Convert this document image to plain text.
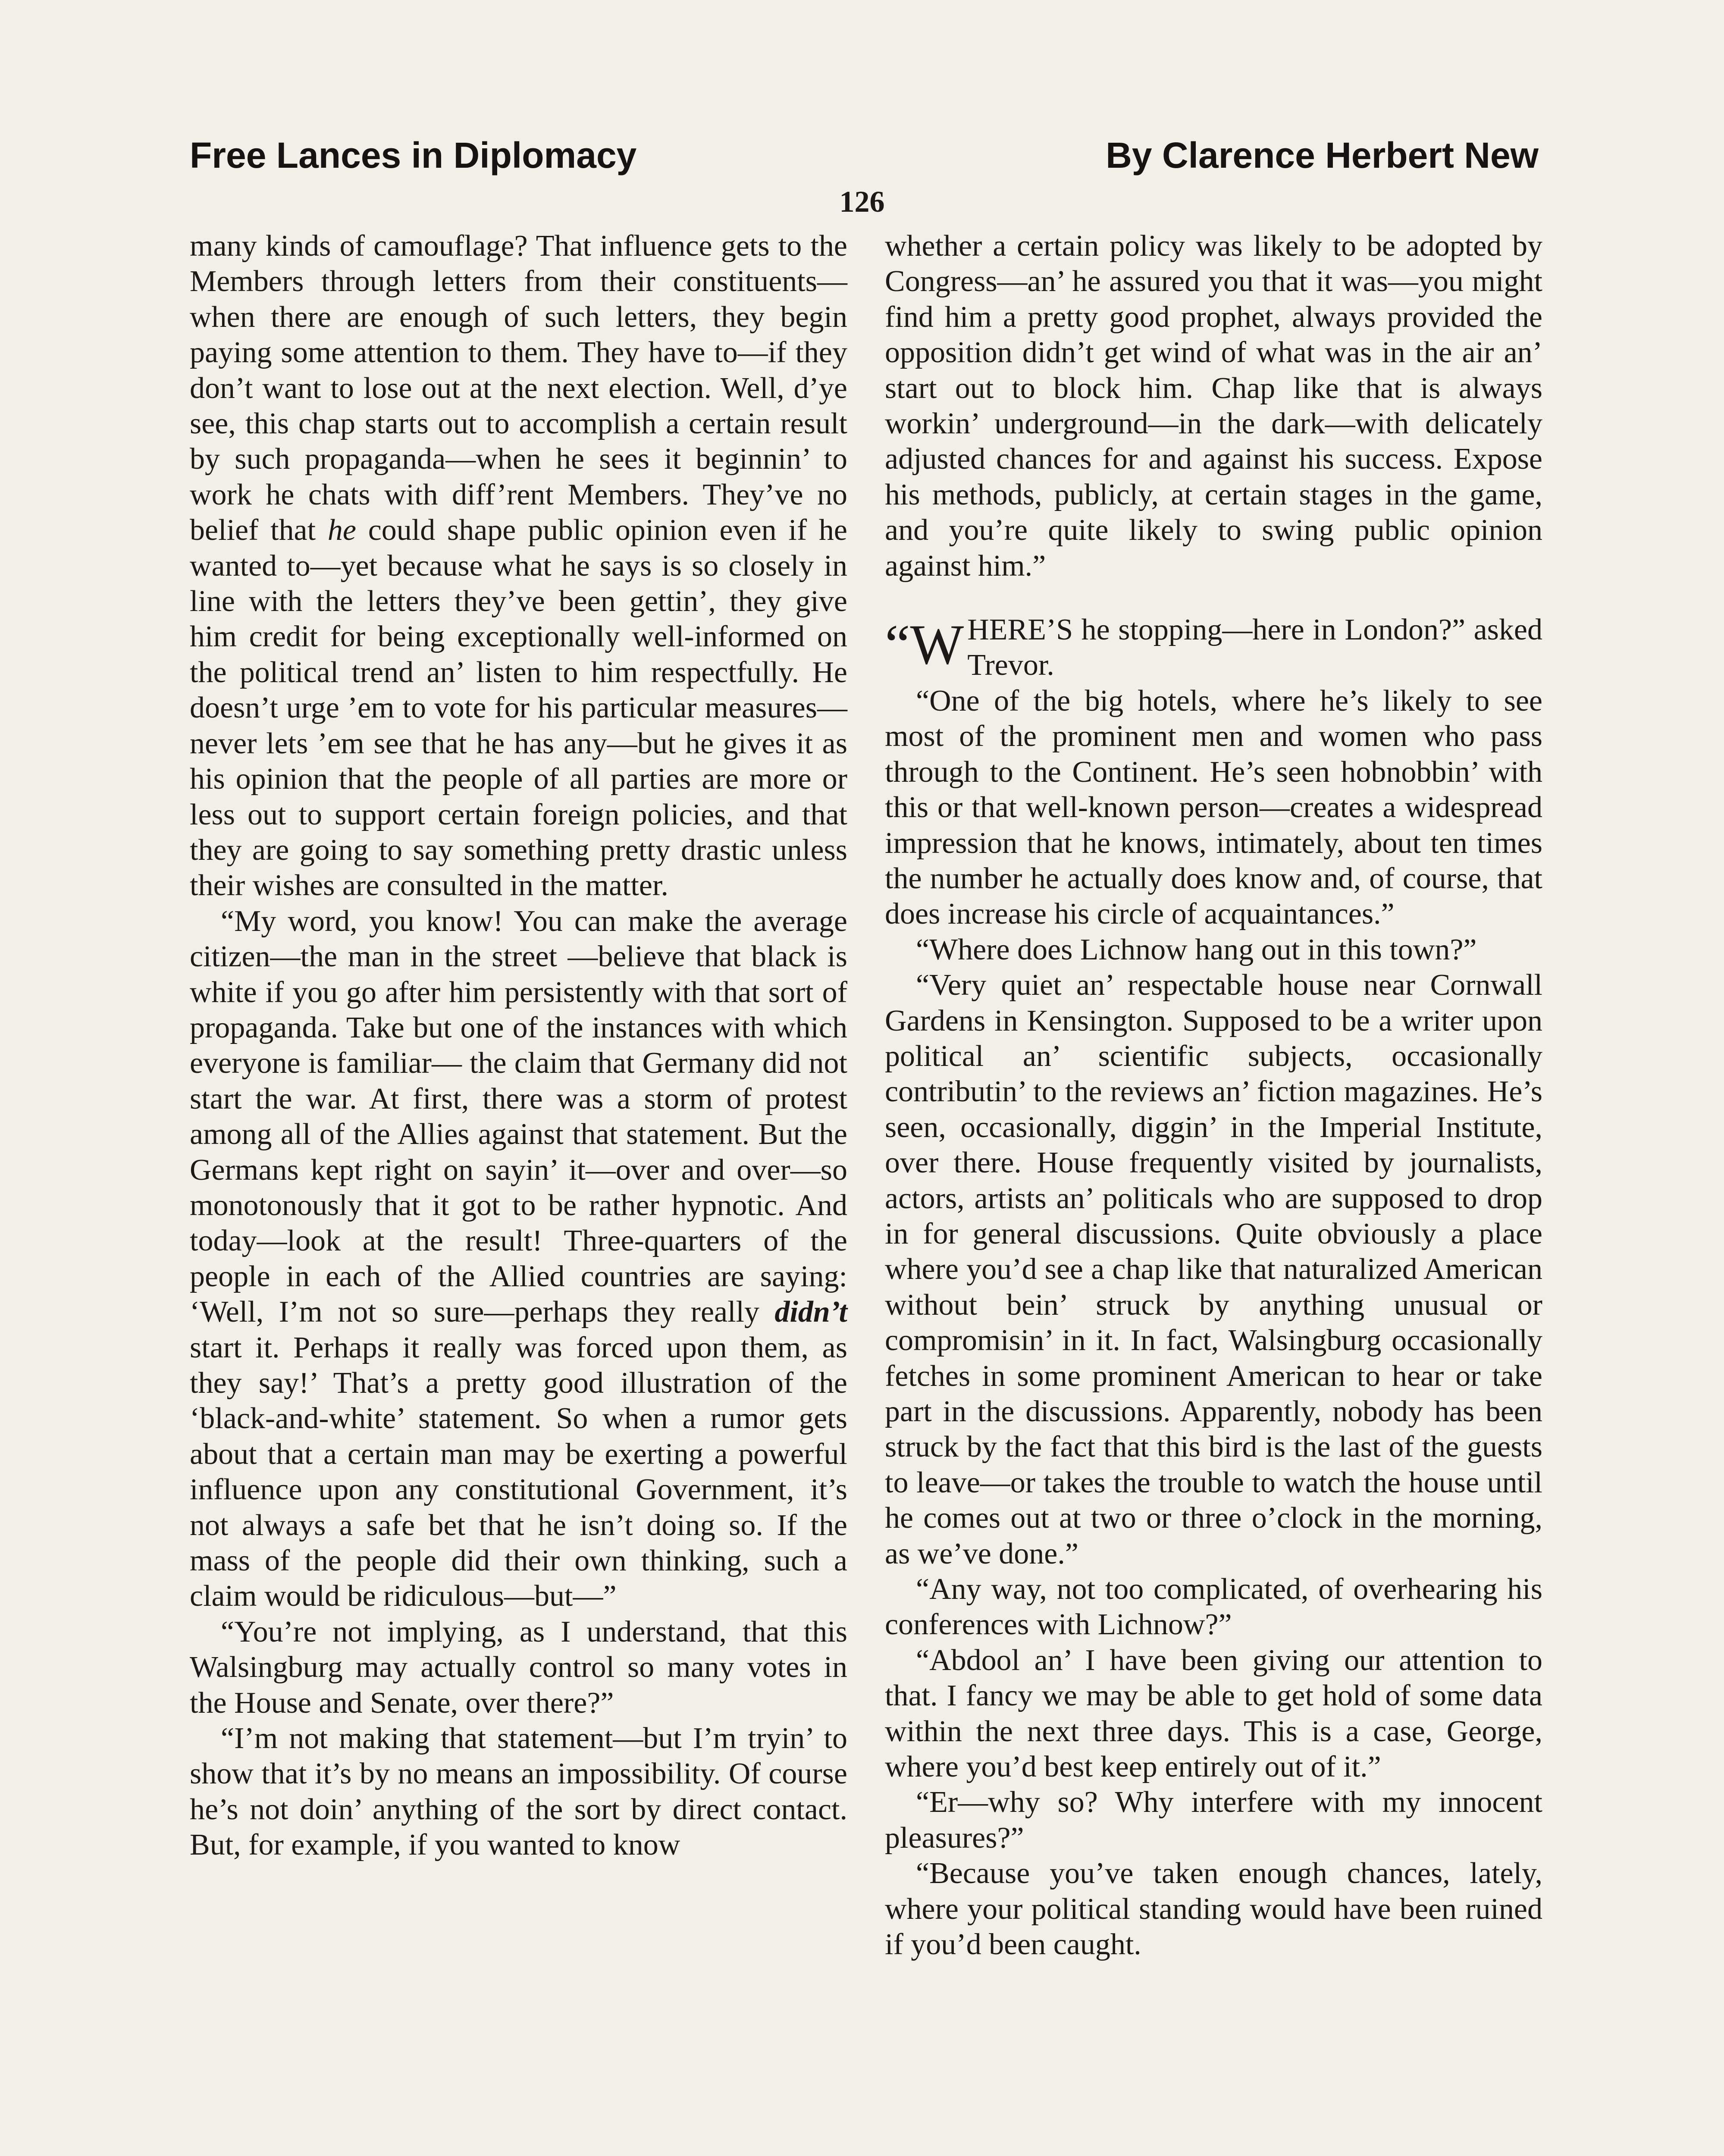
Free Lances in Diplomacy	By Clarence Herbert New
126

many kinds of camouflage? That influence gets to the Members through letters from their constituents—when there are enough of such letters, they begin paying some attention to them. They have to—if they don’t want to lose out at the next election. Well, d’ye see, this chap starts out to accomplish a certain result by such propaganda—when he sees it beginnin’ to work he chats with diff’rent Members. They’ve no belief that he could shape public opinion even if he wanted to—yet because what he says is so closely in line with the letters they’ve been gettin’, they give him credit for being exceptionally well-informed on the political trend an’ listen to him respectfully. He doesn’t urge ’em to vote for his particular measures—never lets ’em see that he has any—but he gives it as his opinion that the people of all parties are more or less out to support certain foreign policies, and that they are going to say something pretty drastic unless their wishes are consulted in the matter.

“My word, you know! You can make the average citizen—the man in the street —believe that black is white if you go after him persistently with that sort of propaganda. Take but one of the instances with which everyone is familiar— the claim that Germany did not start the war. At first, there was a storm of protest among all of the Allies against that statement. But the Germans kept right on sayin’ it—over and over—so monotonously that it got to be rather hypnotic. And today—look at the result! Three-quarters of the people in each of the Allied countries are saying: ‘Well, I’m not so sure—perhaps they really didn’t start it. Perhaps it really was forced upon them, as they say!’ That’s a pretty good illustration of the ‘black-and-white’ statement. So when a rumor gets about that a certain man may be exerting a powerful influence upon any constitutional Government, it’s not always a safe bet that he isn’t doing so. If the mass of the people did their own thinking, such a claim would be ridiculous—but—”

“You’re not implying, as I understand, that this Walsingburg may actually control so many votes in the House and Senate, over there?”

“I’m not making that statement—but I’m tryin’ to show that it’s by no means an impossibility. Of course he’s not doin’ anything of the sort by direct contact. But, for example, if you wanted to know

whether a certain policy was likely to be adopted by Congress—an’ he assured you that it was—you might find him a pretty good prophet, always provided the opposition didn’t get wind of what was in the air an’ start out to block him. Chap like that is always workin’ underground—in the dark—with delicately adjusted chances for and against his success. Expose his methods, publicly, at certain stages in the game, and you’re quite likely to swing public opinion against him.”

“W HERE’S he stopping—here in London?” asked Trevor.

“One of the big hotels, where he’s likely to see most of the prominent men and women who pass through to the Continent. He’s seen hobnobbin’ with this or that well-known person—creates a widespread impression that he knows, intimately, about ten times the number he actually does know and, of course, that does increase his circle of acquaintances.”

“Where does Lichnow hang out in this town?”

“Very quiet an’ respectable house near Cornwall Gardens in Kensington. Supposed to be a writer upon political an’ scientific subjects, occasionally contributin’ to the reviews an’ fiction magazines. He’s seen, occasionally, diggin’ in the Imperial Institute, over there. House frequently visited by journalists, actors, artists an’ politicals who are supposed to drop in for general discussions. Quite obviously a place where you’d see a chap like that naturalized American without bein’ struck by anything unusual or compromisin’ in it. In fact, Walsingburg occasionally fetches in some prominent American to hear or take part in the discussions. Apparently, nobody has been struck by the fact that this bird is the last of the guests to leave—or takes the trouble to watch the house until he comes out at two or three o’clock in the morning, as we’ve done.”

“Any way, not too complicated, of overhearing his conferences with Lichnow?”

“Abdool an’ I have been giving our attention to that. I fancy we may be able to get hold of some data within the next three days. This is a case, George, where you’d best keep entirely out of it.”

“Er—why so? Why interfere with my innocent pleasures?”

“Because you’ve taken enough chances, lately, where your political standing would have been ruined if you’d been caught.
